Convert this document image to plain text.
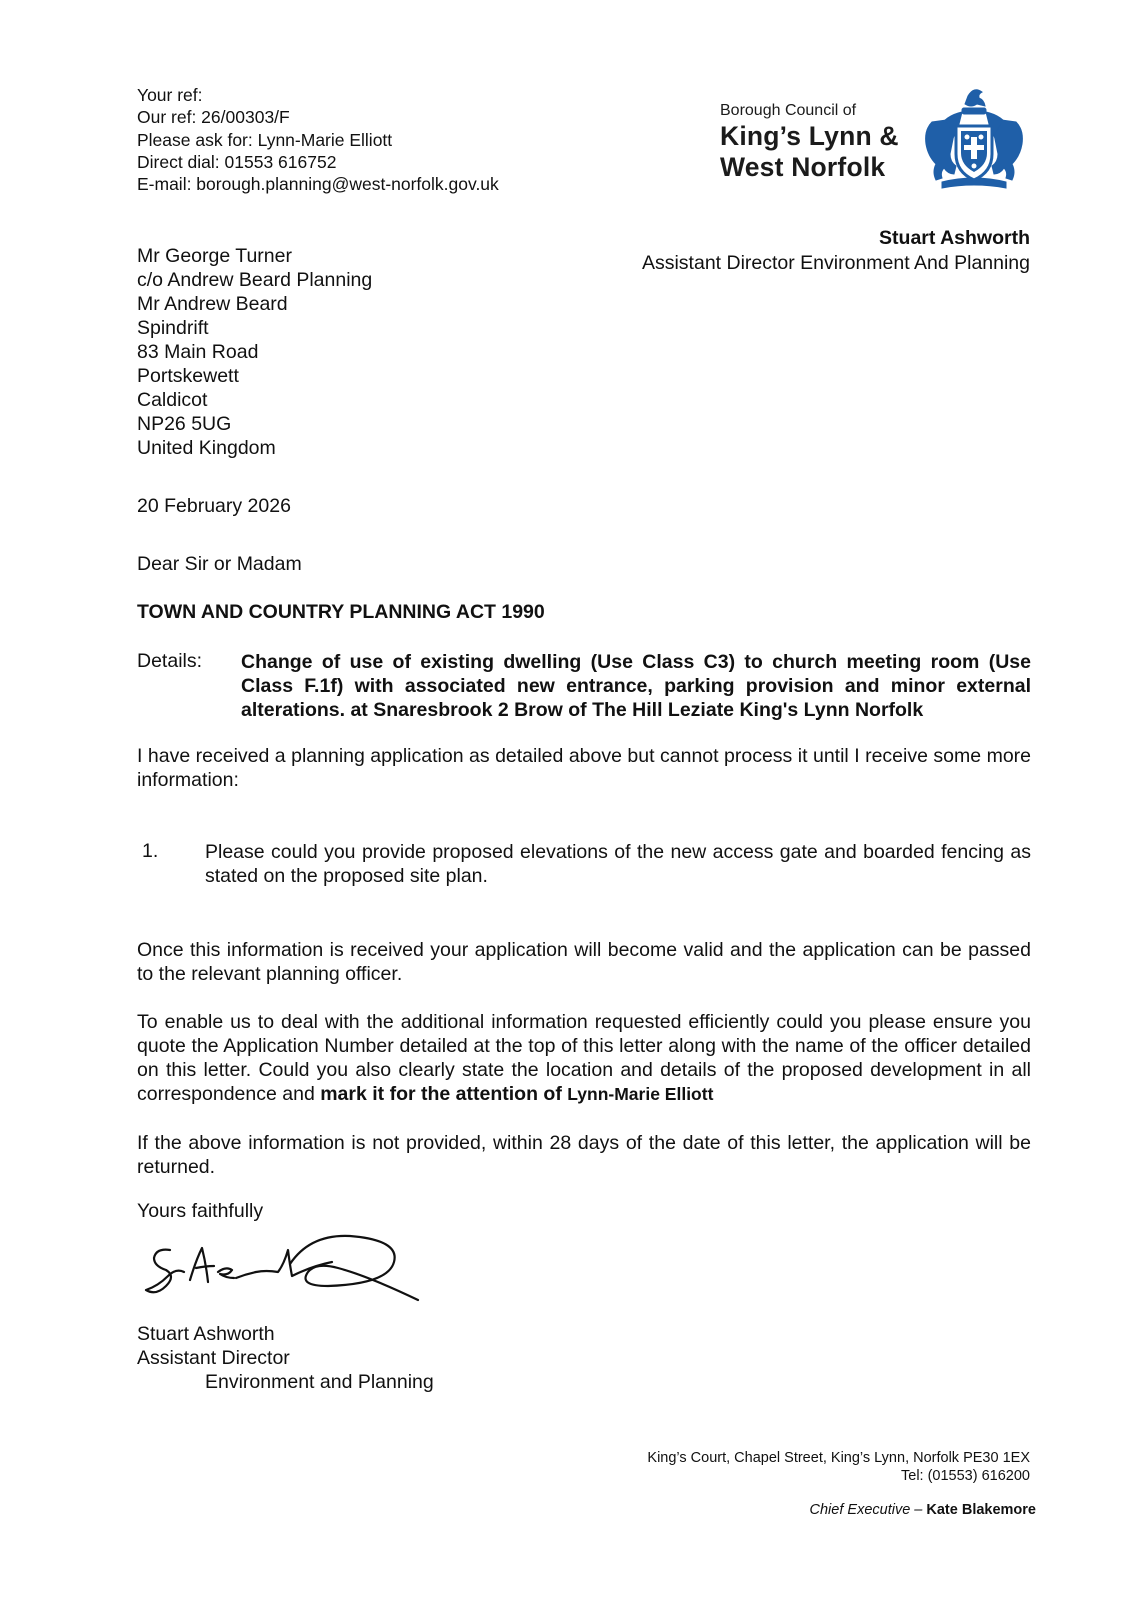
Your ref:
Our ref: 26/00303/F
Please ask for: Lynn-Marie Elliott
Direct dial: 01553 616752
E-mail: borough.planning@west-norfolk.gov.uk
Borough Council of
King’s Lynn &
West Norfolk
Stuart Ashworth
Assistant Director Environment And Planning
Mr George Turner
c/o Andrew Beard Planning
Mr Andrew Beard
Spindrift
83 Main Road
Portskewett
Caldicot
NP26 5UG
United Kingdom
20 February 2026
Dear Sir or Madam
TOWN AND COUNTRY PLANNING ACT 1990
Details: Change of use of existing dwelling (Use Class C3) to church meeting room (Use Class F.1f) with associated new entrance, parking provision and minor external alterations. at Snaresbrook 2 Brow of The Hill Leziate King's Lynn Norfolk
I have received a planning application as detailed above but cannot process it until I receive some more information:
1. Please could you provide proposed elevations of the new access gate and boarded fencing as stated on the proposed site plan.
Once this information is received your application will become valid and the application can be passed to the relevant planning officer.
To enable us to deal with the additional information requested efficiently could you please ensure you quote the Application Number detailed at the top of this letter along with the name of the officer detailed on this letter. Could you also clearly state the location and details of the proposed development in all correspondence and mark it for the attention of Lynn-Marie Elliott
If the above information is not provided, within 28 days of the date of this letter, the application will be returned.
Yours faithfully
Stuart Ashworth
Assistant Director
Environment and Planning
King’s Court, Chapel Street, King’s Lynn, Norfolk PE30 1EX
Tel: (01553) 616200
Chief Executive – Kate Blakemore
